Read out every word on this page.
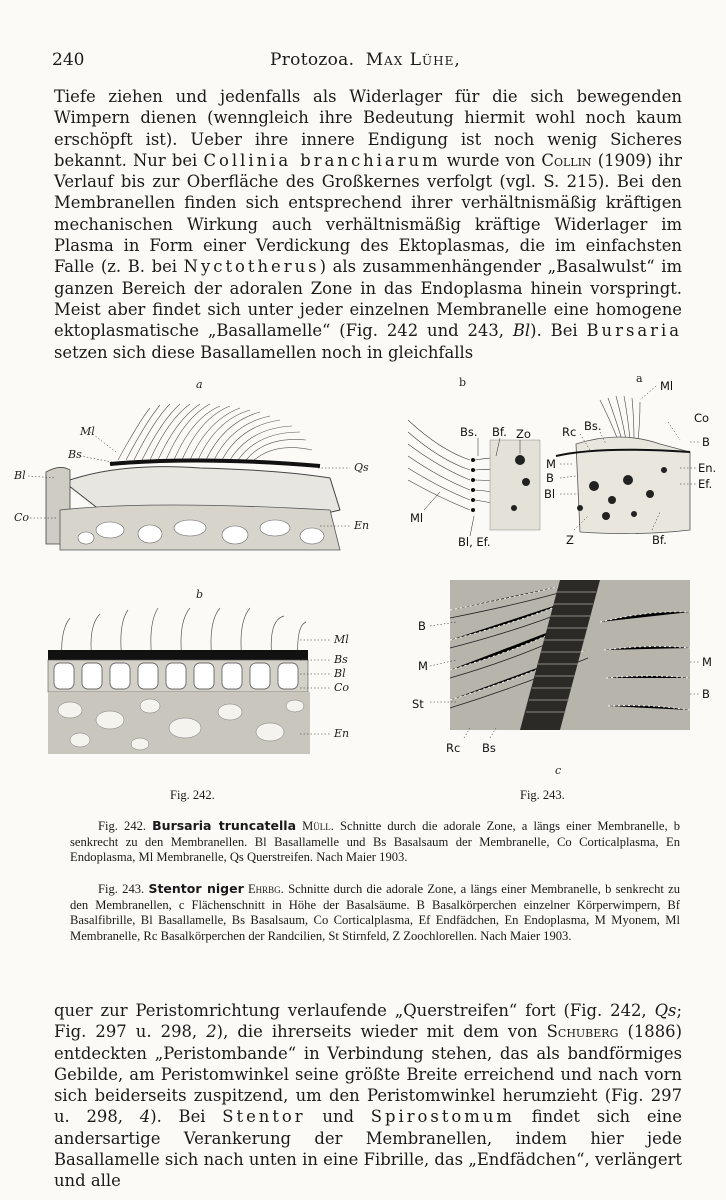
240	Protozoa. Max Lühe,

Tiefe ziehen und jedenfalls als Widerlager für die sich bewegenden Wimpern dienen (wenngleich ihre Bedeutung hiermit wohl noch kaum erschöpft ist). Ueber ihre innere Endigung ist noch wenig Sicheres bekannt. Nur bei Collinia branchiarum wurde von Collin (1909) ihr Verlauf bis zur Oberfläche des Großkernes verfolgt (vgl. S. 215). Bei den Membranellen finden sich entsprechend ihrer verhältnismäßig kräftigen mechanischen Wirkung auch verhältnismäßig kräftige Widerlager im Plasma in Form einer Verdickung des Ektoplasmas, die im einfachsten Falle (z. B. bei Nyctotherus) als zusammenhängender „Basalwulst“ im ganzen Bereich der adoralen Zone in das Endoplasma hinein vorspringt. Meist aber findet sich unter jeder einzelnen Membranelle eine homogene ektoplasmatische „Basallamelle“ (Fig. 242 und 243, Bl). Bei Bursaria setzen sich diese Basallamellen noch in gleichfalls

a
Ml
Bs
Bl
Co
Qs
En
b
Ml
Bs
Bl
Co
En
b
Bs. Bf. Zo
Ml
Bl, Ef.
a
Ml
Rc Bs.
Co
B
M
B
Bl
En.
Ef.
Z	Bf.
B
M
St
Rc Bs
M
B
c
Fig. 242.	Fig. 243.

Fig. 242. Bursaria truncatella Müll. Schnitte durch die adorale Zone, a längs einer Membranelle, b senkrecht zu den Membranellen. Bl Basallamelle und Bs Basalsaum der Membranelle, Co Corticalplasma, En Endoplasma, Ml Membranelle, Qs Querstreifen. Nach Maier 1903.

Fig. 243. Stentor niger Ehrbg. Schnitte durch die adorale Zone, a längs einer Membranelle, b senkrecht zu den Membranellen, c Flächenschnitt in Höhe der Basalsäume. B Basalkörperchen einzelner Körperwimpern, Bf Basalfibrille, Bl Basallamelle, Bs Basalsaum, Co Corticalplasma, Ef Endfädchen, En Endoplasma, M Myonem, Ml Membranelle, Rc Basalkörperchen der Randcilien, St Stirnfeld, Z Zoochlorellen. Nach Maier 1903.

quer zur Peristomrichtung verlaufende „Querstreifen“ fort (Fig. 242, Qs; Fig. 297 u. 298, 2), die ihrerseits wieder mit dem von Schuberg (1886) entdeckten „Peristombande“ in Verbindung stehen, das als bandförmiges Gebilde, am Peristomwinkel seine größte Breite erreichend und nach vorn sich beiderseits zuspitzend, um den Peristomwinkel herumzieht (Fig. 297 u. 298, 4). Bei Stentor und Spirostomum findet sich eine andersartige Verankerung der Membranellen, indem hier jede Basallamelle sich nach unten in eine Fibrille, das „Endfädchen“, verlängert und alle
